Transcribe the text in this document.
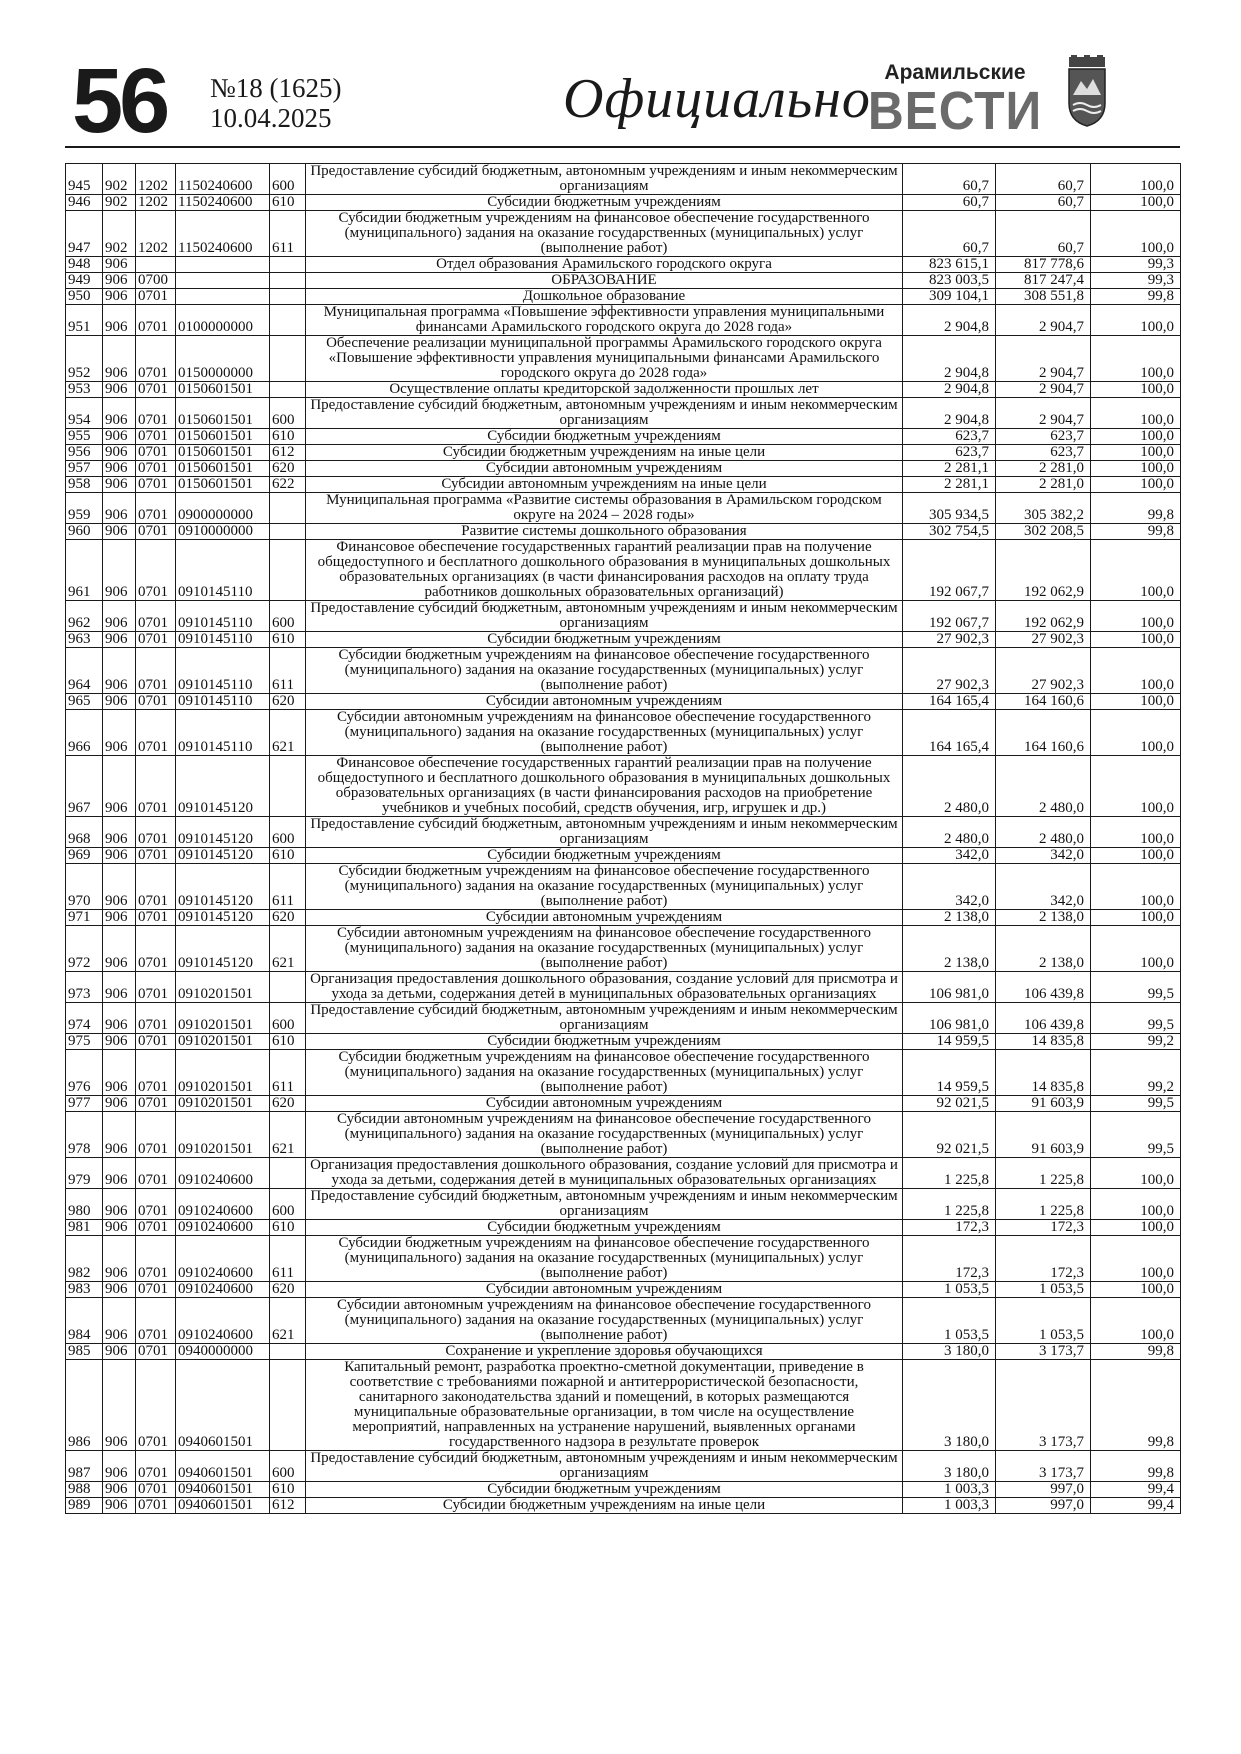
56 №18 (1625)
10.04.2025	Официально Арамильские
ВЕСТИ
945	902	1202	1150240600	600	Предоставление субсидий бюджетным, автономным учреждениям и иным некоммерческим организациям	60,7	60,7	100,0
946	902	1202	1150240600	610	Субсидии бюджетным учреждениям	60,7	60,7	100,0
947	902	1202	1150240600	611	Субсидии бюджетным учреждениям на финансовое обеспечение государственного (муниципального) задания на оказание государственных (муниципальных) услуг (выполнение работ)	60,7	60,7	100,0
948	906				Отдел образования Арамильского городского округа	823 615,1	817 778,6	99,3
949	906	0700			ОБРАЗОВАНИЕ	823 003,5	817 247,4	99,3
950	906	0701			Дошкольное образование	309 104,1	308 551,8	99,8
951	906	0701	0100000000		Муниципальная программа «Повышение эффективности управления муниципальными финансами Арамильского городского округа до 2028 года»	2 904,8	2 904,7	100,0
952	906	0701	0150000000		Обеспечение реализации муниципальной программы Арамильского городского округа «Повышение эффективности управления муниципальными финансами Арамильского городского округа до 2028 года»	2 904,8	2 904,7	100,0
953	906	0701	0150601501		Осуществление оплаты кредиторской задолженности прошлых лет	2 904,8	2 904,7	100,0
954	906	0701	0150601501	600	Предоставление субсидий бюджетным, автономным учреждениям и иным некоммерческим организациям	2 904,8	2 904,7	100,0
955	906	0701	0150601501	610	Субсидии бюджетным учреждениям	623,7	623,7	100,0
956	906	0701	0150601501	612	Субсидии бюджетным учреждениям на иные цели	623,7	623,7	100,0
957	906	0701	0150601501	620	Субсидии автономным учреждениям	2 281,1	2 281,0	100,0
958	906	0701	0150601501	622	Субсидии автономным учреждениям на иные цели	2 281,1	2 281,0	100,0
959	906	0701	0900000000		Муниципальная программа «Развитие системы образования в Арамильском городском округе на 2024 – 2028 годы»	305 934,5	305 382,2	99,8
960	906	0701	0910000000		Развитие системы дошкольного образования	302 754,5	302 208,5	99,8
961	906	0701	0910145110		Финансовое обеспечение государственных гарантий реализации прав на получение общедоступного и бесплатного дошкольного образования в муниципальных дошкольных образовательных организациях (в части финансирования расходов на оплату труда работников дошкольных образовательных организаций)	192 067,7	192 062,9	100,0
962	906	0701	0910145110	600	Предоставление субсидий бюджетным, автономным учреждениям и иным некоммерческим организациям	192 067,7	192 062,9	100,0
963	906	0701	0910145110	610	Субсидии бюджетным учреждениям	27 902,3	27 902,3	100,0
964	906	0701	0910145110	611	Субсидии бюджетным учреждениям на финансовое обеспечение государственного (муниципального) задания на оказание государственных (муниципальных) услуг (выполнение работ)	27 902,3	27 902,3	100,0
965	906	0701	0910145110	620	Субсидии автономным учреждениям	164 165,4	164 160,6	100,0
966	906	0701	0910145110	621	Субсидии автономным учреждениям на финансовое обеспечение государственного (муниципального) задания на оказание государственных (муниципальных) услуг (выполнение работ)	164 165,4	164 160,6	100,0
967	906	0701	0910145120		Финансовое обеспечение государственных гарантий реализации прав на получение общедоступного и бесплатного дошкольного образования в муниципальных дошкольных образовательных организациях (в части финансирования расходов на приобретение учебников и учебных пособий, средств обучения, игр, игрушек и др.)	2 480,0	2 480,0	100,0
968	906	0701	0910145120	600	Предоставление субсидий бюджетным, автономным учреждениям и иным некоммерческим организациям	2 480,0	2 480,0	100,0
969	906	0701	0910145120	610	Субсидии бюджетным учреждениям	342,0	342,0	100,0
970	906	0701	0910145120	611	Субсидии бюджетным учреждениям на финансовое обеспечение государственного (муниципального) задания на оказание государственных (муниципальных) услуг (выполнение работ)	342,0	342,0	100,0
971	906	0701	0910145120	620	Субсидии автономным учреждениям	2 138,0	2 138,0	100,0
972	906	0701	0910145120	621	Субсидии автономным учреждениям на финансовое обеспечение государственного (муниципального) задания на оказание государственных (муниципальных) услуг (выполнение работ)	2 138,0	2 138,0	100,0
973	906	0701	0910201501		Организация предоставления дошкольного образования, создание условий для присмотра и ухода за детьми, содержания детей в муниципальных образовательных организациях	106 981,0	106 439,8	99,5
974	906	0701	0910201501	600	Предоставление субсидий бюджетным, автономным учреждениям и иным некоммерческим организациям	106 981,0	106 439,8	99,5
975	906	0701	0910201501	610	Субсидии бюджетным учреждениям	14 959,5	14 835,8	99,2
976	906	0701	0910201501	611	Субсидии бюджетным учреждениям на финансовое обеспечение государственного (муниципального) задания на оказание государственных (муниципальных) услуг (выполнение работ)	14 959,5	14 835,8	99,2
977	906	0701	0910201501	620	Субсидии автономным учреждениям	92 021,5	91 603,9	99,5
978	906	0701	0910201501	621	Субсидии автономным учреждениям на финансовое обеспечение государственного (муниципального) задания на оказание государственных (муниципальных) услуг (выполнение работ)	92 021,5	91 603,9	99,5
979	906	0701	0910240600		Организация предоставления дошкольного образования, создание условий для присмотра и ухода за детьми, содержания детей в муниципальных образовательных организациях	1 225,8	1 225,8	100,0
980	906	0701	0910240600	600	Предоставление субсидий бюджетным, автономным учреждениям и иным некоммерческим организациям	1 225,8	1 225,8	100,0
981	906	0701	0910240600	610	Субсидии бюджетным учреждениям	172,3	172,3	100,0
982	906	0701	0910240600	611	Субсидии бюджетным учреждениям на финансовое обеспечение государственного (муниципального) задания на оказание государственных (муниципальных) услуг (выполнение работ)	172,3	172,3	100,0
983	906	0701	0910240600	620	Субсидии автономным учреждениям	1 053,5	1 053,5	100,0
984	906	0701	0910240600	621	Субсидии автономным учреждениям на финансовое обеспечение государственного (муниципального) задания на оказание государственных (муниципальных) услуг (выполнение работ)	1 053,5	1 053,5	100,0
985	906	0701	0940000000		Сохранение и укрепление здоровья обучающихся	3 180,0	3 173,7	99,8
986	906	0701	0940601501		Капитальный ремонт, разработка проектно-сметной документации, приведение в соответствие с требованиями пожарной и антитеррористической безопасности, санитарного законодательства зданий и помещений, в которых размещаются муниципальные образовательные организации, в том числе на осуществление мероприятий, направленных на устранение нарушений, выявленных органами государственного надзора в результате проверок	3 180,0	3 173,7	99,8
987	906	0701	0940601501	600	Предоставление субсидий бюджетным, автономным учреждениям и иным некоммерческим организациям	3 180,0	3 173,7	99,8
988	906	0701	0940601501	610	Субсидии бюджетным учреждениям	1 003,3	997,0	99,4
989	906	0701	0940601501	612	Субсидии бюджетным учреждениям на иные цели	1 003,3	997,0	99,4
